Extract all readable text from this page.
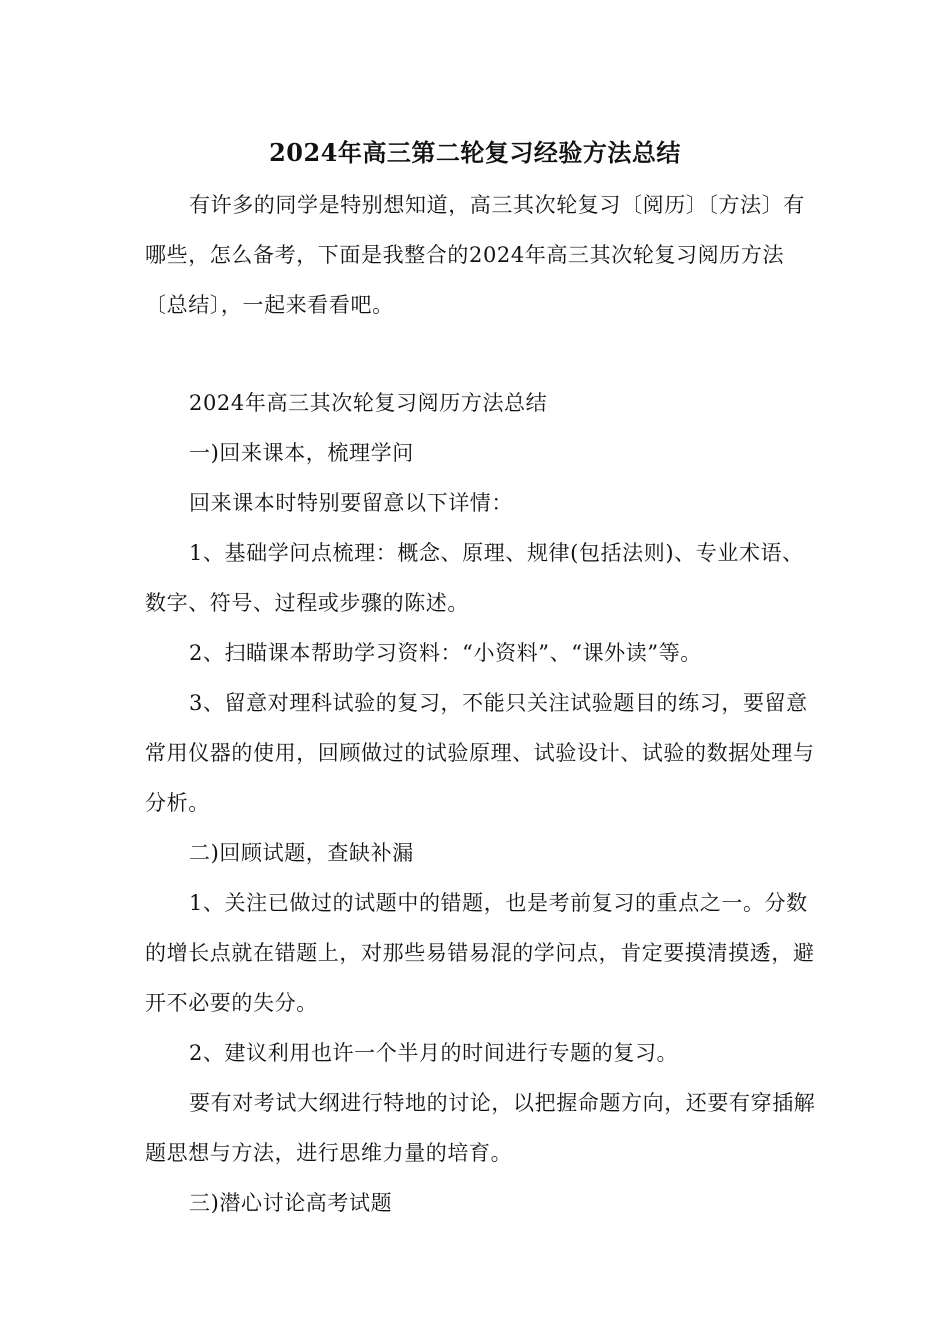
2024年高三第二轮复习经验方法总结

有许多的同学是特别想知道，高三其次轮复习〔阅历〕〔方法〕有哪些，怎么备考，下面是我整合的2024年高三其次轮复习阅历方法〔总结〕，一起来看看吧。

2024年高三其次轮复习阅历方法总结

一)回来课本，梳理学问

回来课本时特别要留意以下详情：

1、基础学问点梳理：概念、原理、规律(包括法则)、专业术语、数字、符号、过程或步骤的陈述。

2、扫瞄课本帮助学习资料：“小资料”、“课外读”等。

3、留意对理科试验的复习，不能只关注试验题目的练习，要留意常用仪器的使用，回顾做过的试验原理、试验设计、试验的数据处理与分析。

二)回顾试题，查缺补漏

1、关注已做过的试题中的错题，也是考前复习的重点之一。分数的增长点就在错题上，对那些易错易混的学问点，肯定要摸清摸透，避开不必要的失分。

2、建议利用也许一个半月的时间进行专题的复习。

要有对考试大纲进行特地的讨论，以把握命题方向，还要有穿插解题思想与方法，进行思维力量的培育。

三)潜心讨论高考试题
